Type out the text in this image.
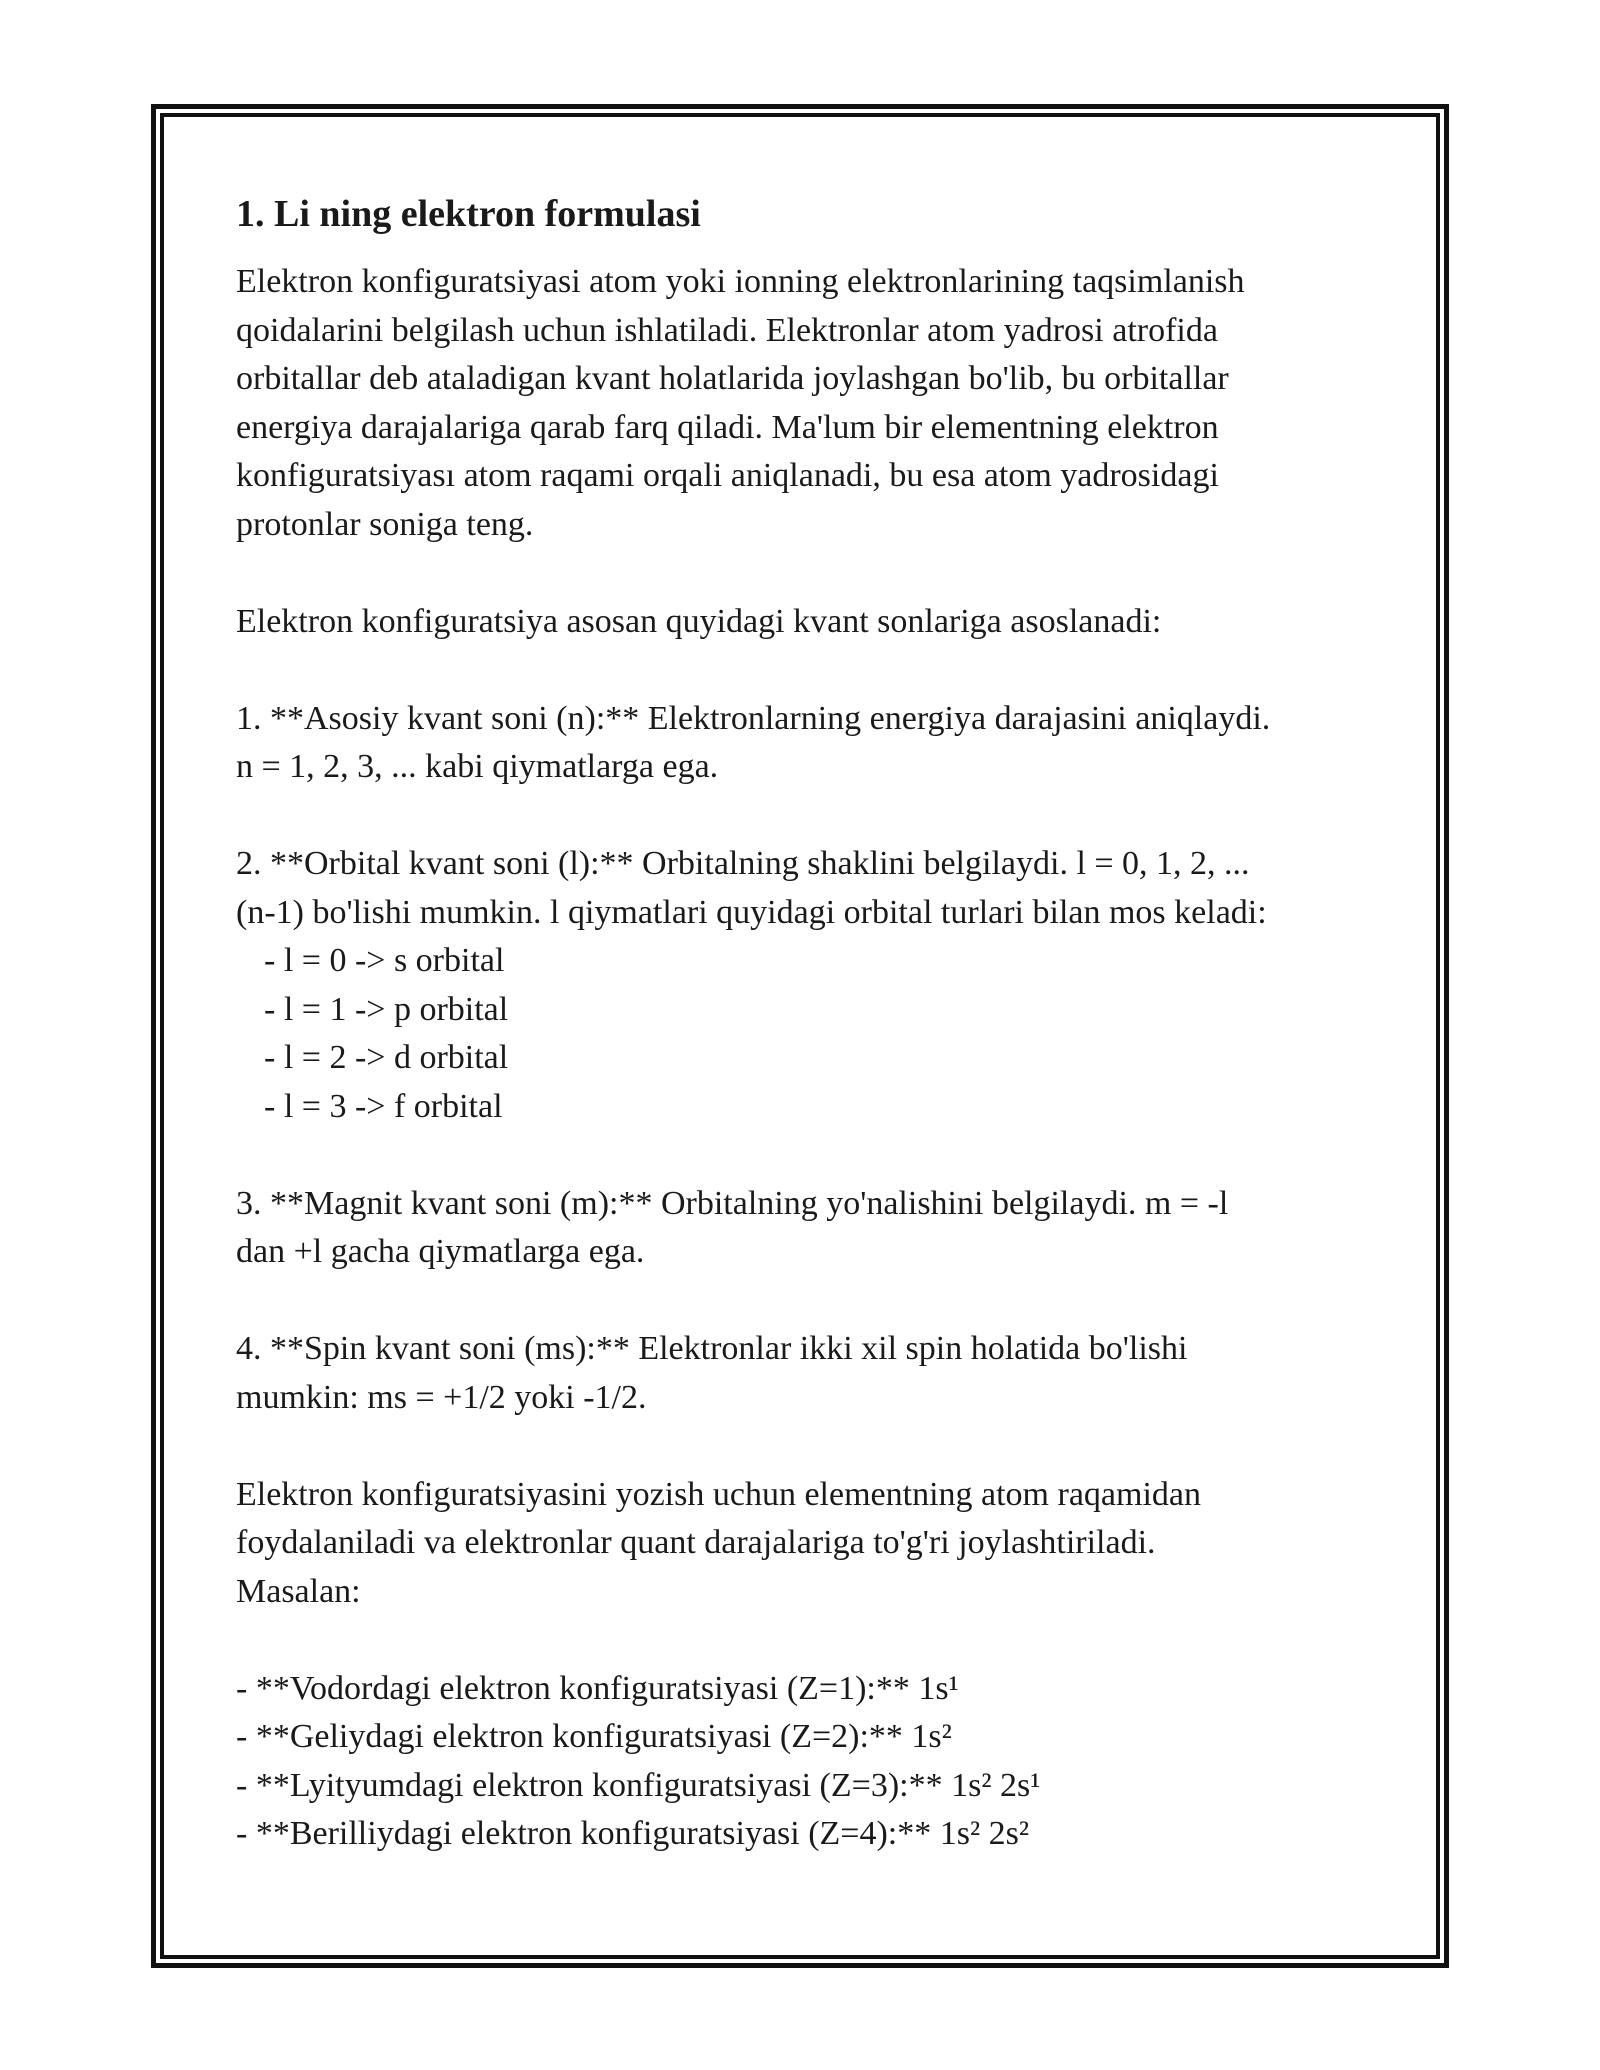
1. Li ning elektron formulasi

Elektron konfiguratsiyasi atom yoki ionning elektronlarining taqsimlanish
qoidalarini belgilash uchun ishlatiladi. Elektronlar atom yadrosi atrofida
orbitallar deb ataladigan kvant holatlarida joylashgan bo'lib, bu orbitallar
energiya darajalariga qarab farq qiladi. Ma'lum bir elementning elektron
konfiguratsiyası atom raqami orqali aniqlanadi, bu esa atom yadrosidagi
protonlar soniga teng.

Elektron konfiguratsiya asosan quyidagi kvant sonlariga asoslanadi:

1. **Asosiy kvant soni (n):** Elektronlarning energiya darajasini aniqlaydi.
n = 1, 2, 3, ... kabi qiymatlarga ega.

2. **Orbital kvant soni (l):** Orbitalning shaklini belgilaydi. l = 0, 1, 2, ...
(n-1) bo'lishi mumkin. l qiymatlari quyidagi orbital turlari bilan mos keladi:

- l = 0 -> s orbital
- l = 1 -> p orbital
- l = 2 -> d orbital
- l = 3 -> f orbital

3. **Magnit kvant soni (m):** Orbitalning yo'nalishini belgilaydi. m = -l
dan +l gacha qiymatlarga ega.

4. **Spin kvant soni (ms):** Elektronlar ikki xil spin holatida bo'lishi
mumkin: ms = +1/2 yoki -1/2.

Elektron konfiguratsiyasini yozish uchun elementning atom raqamidan
foydalaniladi va elektronlar quant darajalariga to'g'ri joylashtiriladi.
Masalan:

- **Vodordagi elektron konfiguratsiyasi (Z=1):** 1s¹
- **Geliydagi elektron konfiguratsiyasi (Z=2):** 1s²
- **Lyityumdagi elektron konfiguratsiyasi (Z=3):** 1s² 2s¹
- **Berilliydagi elektron konfiguratsiyasi (Z=4):** 1s² 2s²
